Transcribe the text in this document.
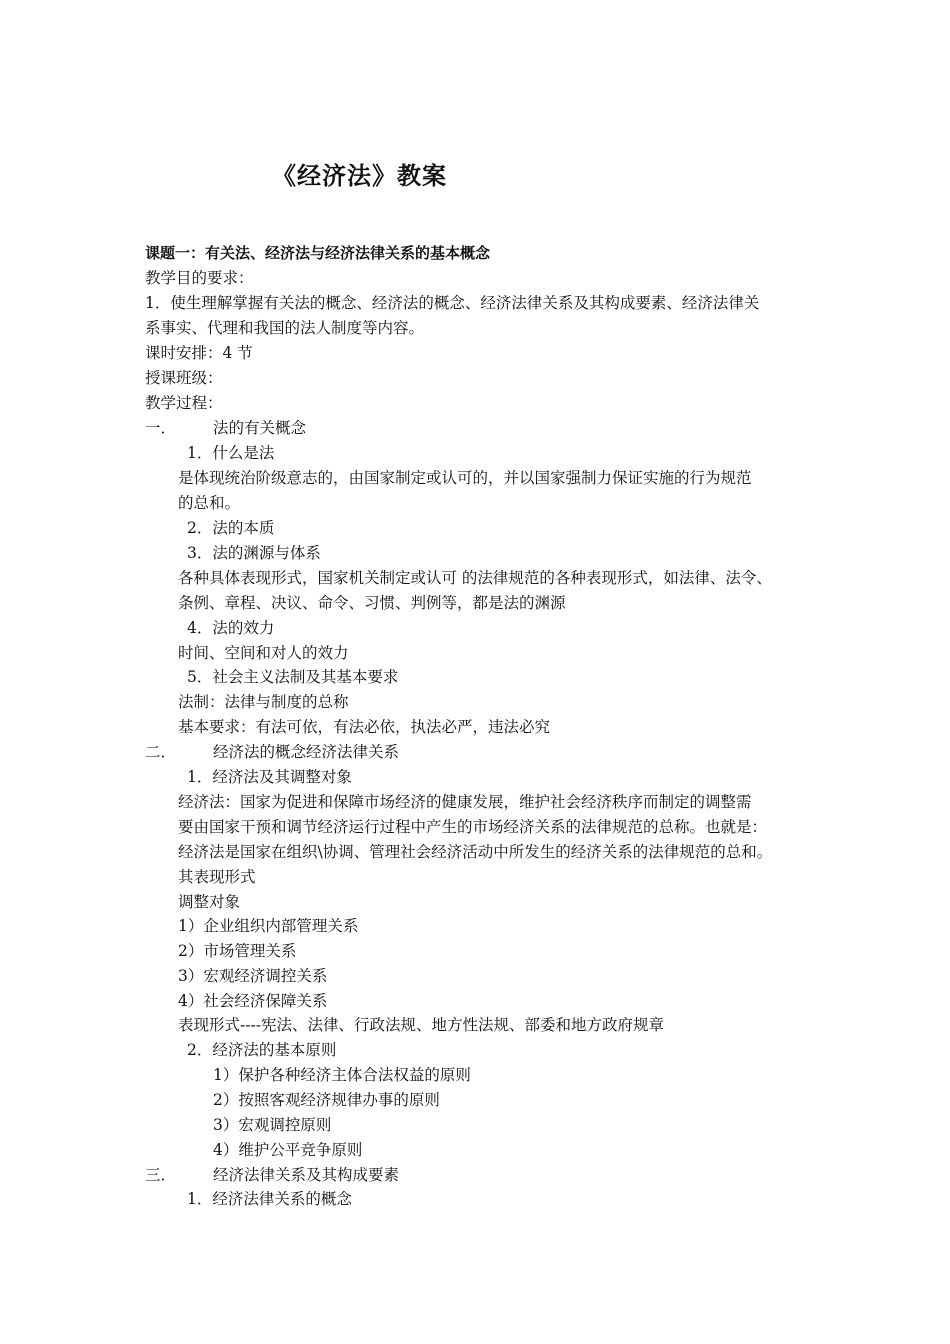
《经济法》教案
课题一：有关法、经济法与经济法律关系的基本概念
教学目的要求：
1．使生理解掌握有关法的概念、经济法的概念、经济法律关系及其构成要素、经济法律关
系事实、代理和我国的法人制度等内容。
课时安排：4 节
授课班级：
教学过程：
一． 法的有关概念
1．什么是法
是体现统治阶级意志的，由国家制定或认可的，并以国家强制力保证实施的行为规范
的总和。
2．法的本质
3．法的渊源与体系
各种具体表现形式，国家机关制定或认可 的法律规范的各种表现形式，如法律、法令、
条例、章程、决议、命令、习惯、判例等，都是法的渊源
4．法的效力
时间、空间和对人的效力
5．社会主义法制及其基本要求
法制：法律与制度的总称
基本要求：有法可依，有法必依，执法必严，违法必究
二． 经济法的概念经济法律关系
1．经济法及其调整对象
经济法：国家为促进和保障市场经济的健康发展，维护社会经济秩序而制定的调整需
要由国家干预和调节经济运行过程中产生的市场经济关系的法律规范的总称。也就是：
经济法是国家在组织\协调、管理社会经济活动中所发生的经济关系的法律规范的总和。
其表现形式
调整对象
1）企业组织内部管理关系
2）市场管理关系
3）宏观经济调控关系
4）社会经济保障关系
表现形式----宪法、法律、行政法规、地方性法规、部委和地方政府规章
2．经济法的基本原则
1）保护各种经济主体合法权益的原则
2）按照客观经济规律办事的原则
3）宏观调控原则
4）维护公平竞争原则
三． 经济法律关系及其构成要素
1．经济法律关系的概念
